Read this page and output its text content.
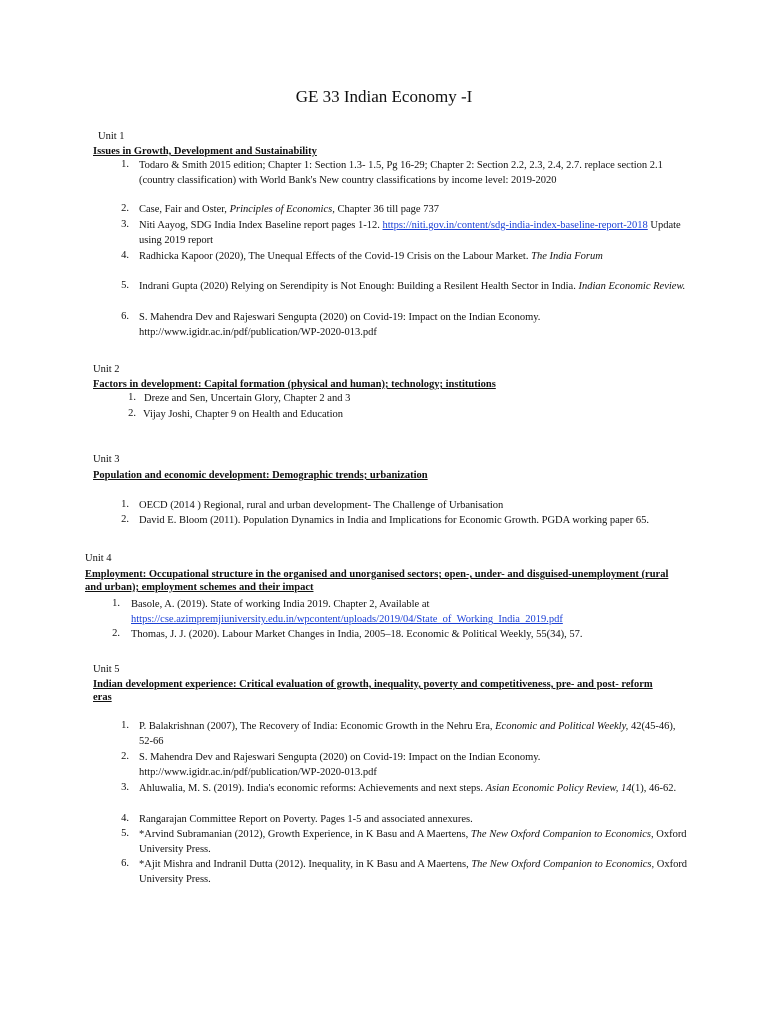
GE 33 Indian Economy -I
Unit 1
Issues in Growth, Development and Sustainability
1. Todaro & Smith 2015 edition; Chapter 1: Section 1.3- 1.5, Pg 16-29; Chapter 2: Section 2.2, 2.3, 2.4, 2.7. replace section 2.1 (country classification) with World Bank's New country classifications by income level: 2019-2020
2. Case, Fair and Oster, Principles of Economics, Chapter 36 till page 737
3. Niti Aayog, SDG India Index Baseline report pages 1-12. https://niti.gov.in/content/sdg-india-index-baseline-report-2018 Update using 2019 report
4. Radhicka Kapoor (2020), The Unequal Effects of the Covid-19 Crisis on the Labour Market. The India Forum
5. Indrani Gupta (2020) Relying on Serendipity is Not Enough: Building a Resilent Health Sector in India. Indian Economic Review.
6. S. Mahendra Dev and Rajeswari Sengupta (2020) on Covid-19: Impact on the Indian Economy. http://www.igidr.ac.in/pdf/publication/WP-2020-013.pdf
Unit 2
Factors in development: Capital formation (physical and human); technology; institutions
1. Dreze and Sen, Uncertain Glory, Chapter 2 and 3
2. Vijay Joshi, Chapter 9 on Health and Education
Unit 3
Population and economic development: Demographic trends; urbanization
1. OECD (2014 ) Regional, rural and urban development- The Challenge of Urbanisation
2. David E. Bloom (2011). Population Dynamics in India and Implications for Economic Growth. PGDA working paper 65.
Unit 4
Employment: Occupational structure in the organised and unorganised sectors; open-, under- and disguised-unemployment (rural and urban); employment schemes and their impact
1. Basole, A. (2019). State of working India 2019. Chapter 2, Available at https://cse.azimpremjiuniversity.edu.in/wpcontent/uploads/2019/04/State_of_Working_India_2019.pdf
2. Thomas, J. J. (2020). Labour Market Changes in India, 2005–18. Economic & Political Weekly, 55(34), 57.
Unit 5
Indian development experience: Critical evaluation of growth, inequality, poverty and competitiveness, pre- and post- reform eras
1. P. Balakrishnan (2007), The Recovery of India: Economic Growth in the Nehru Era, Economic and Political Weekly, 42(45-46), 52-66
2. S. Mahendra Dev and Rajeswari Sengupta (2020) on Covid-19: Impact on the Indian Economy. http://www.igidr.ac.in/pdf/publication/WP-2020-013.pdf
3. Ahluwalia, M. S. (2019). India's economic reforms: Achievements and next steps. Asian Economic Policy Review, 14(1), 46-62.
4. Rangarajan Committee Report on Poverty. Pages 1-5 and associated annexures.
5. *Arvind Subramanian (2012), Growth Experience, in K Basu and A Maertens, The New Oxford Companion to Economics, Oxford University Press.
6. *Ajit Mishra and Indranil Dutta (2012). Inequality, in K Basu and A Maertens, The New Oxford Companion to Economics, Oxford University Press.
